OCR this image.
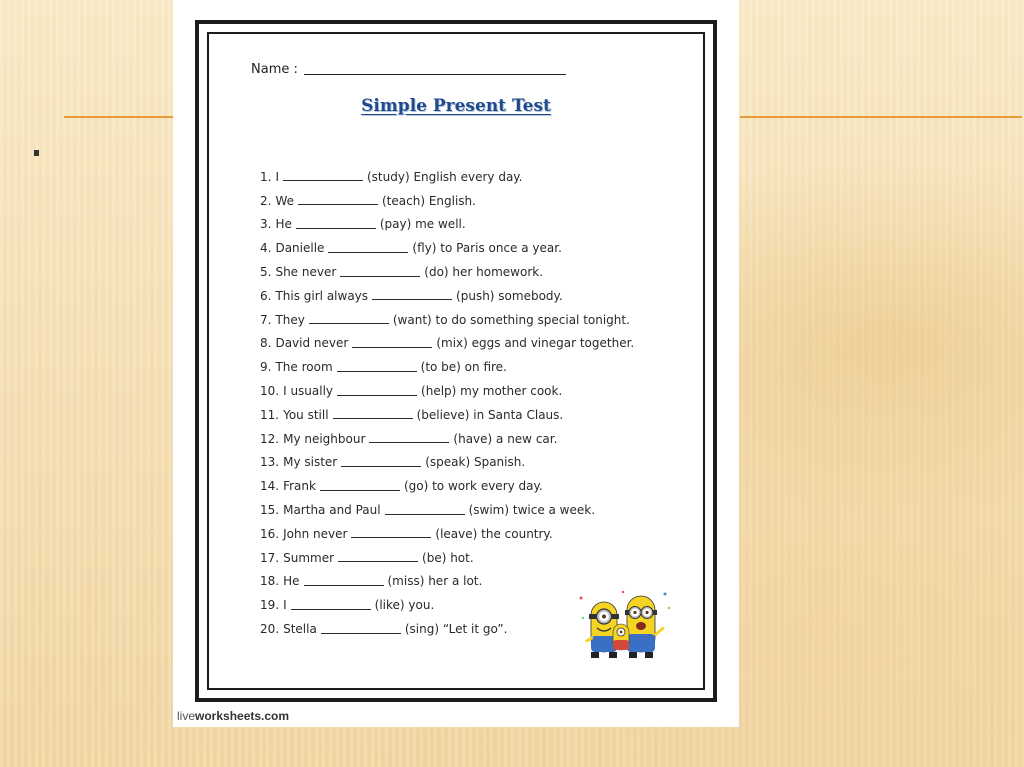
Name :
Simple Present Test
1. I	(study) English every day.
2. We	(teach) English.
3. He	(pay) me well.
4. Danielle	(fly) to Paris once a year.
5. She never	(do) her homework.
6. This girl always	(push) somebody.
7. They	(want) to do something special tonight.
8. David never	(mix) eggs and vinegar together.
9. The room	(to be) on fire.
10. I usually	(help) my mother cook.
11. You still	(believe) in Santa Claus.
12. My neighbour	(have) a new car.
13. My sister	(speak) Spanish.
14. Frank	(go) to work every day.
15. Martha and Paul	(swim) twice a week.
16. John never	(leave) the country.
17. Summer	(be) hot.
18. He	(miss) her a lot.
19. I	(like) you.
20. Stella	(sing) “Let it go”.
liveworksheets.com
